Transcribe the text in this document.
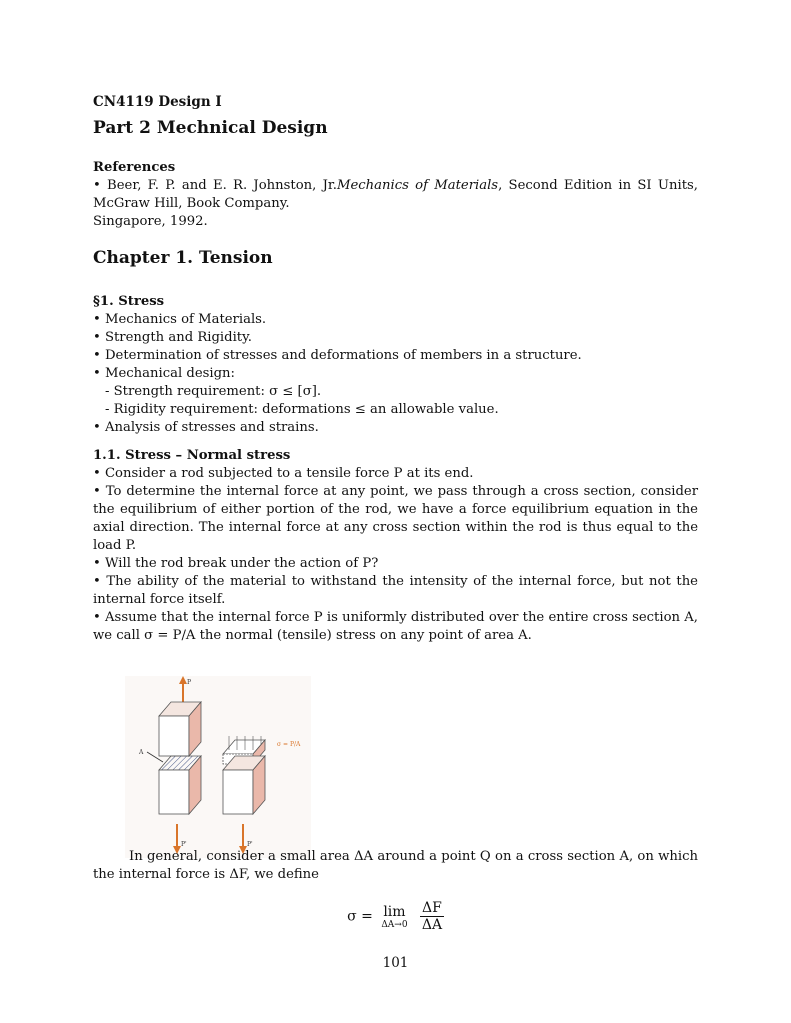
CN4119 Design I
Part 2 Mechnical Design
References
• Beer, F. P. and E. R. Johnston, Jr.Mechanics of Materials, Second Edition in SI Units, McGraw Hill, Book Company.
Singapore, 1992.
Chapter 1. Tension
§1. Stress
• Mechanics of Materials.
• Strength and Rigidity.
• Determination of stresses and deformations of members in a structure.
• Mechanical design:
- Strength requirement: σ ≤ [σ].
- Rigidity requirement: deformations ≤ an allowable value.
• Analysis of stresses and strains.
1.1. Stress – Normal stress
• Consider a rod subjected to a tensile force P at its end.
• To determine the internal force at any point, we pass through a cross section, consider the equilibrium of either portion of the rod, we have a force equilibrium equation in the axial direction. The internal force at any cross section within the rod is thus equal to the load P.
• Will the rod break under the action of P?
• The ability of the material to withstand the intensity of the internal force, but not the internal force itself.
• Assume that the internal force P is uniformly distributed over the entire cross section A, we call σ = P/A the normal (tensile) stress on any point of area A.
P
A
P'
σ = P/A
P'
In general, consider a small area ΔA around a point Q on a cross section A, on which the internal force is ΔF, we define
σ = lim
ΔA→0
$\frac{\Delta F}{\Delta A}$
101
